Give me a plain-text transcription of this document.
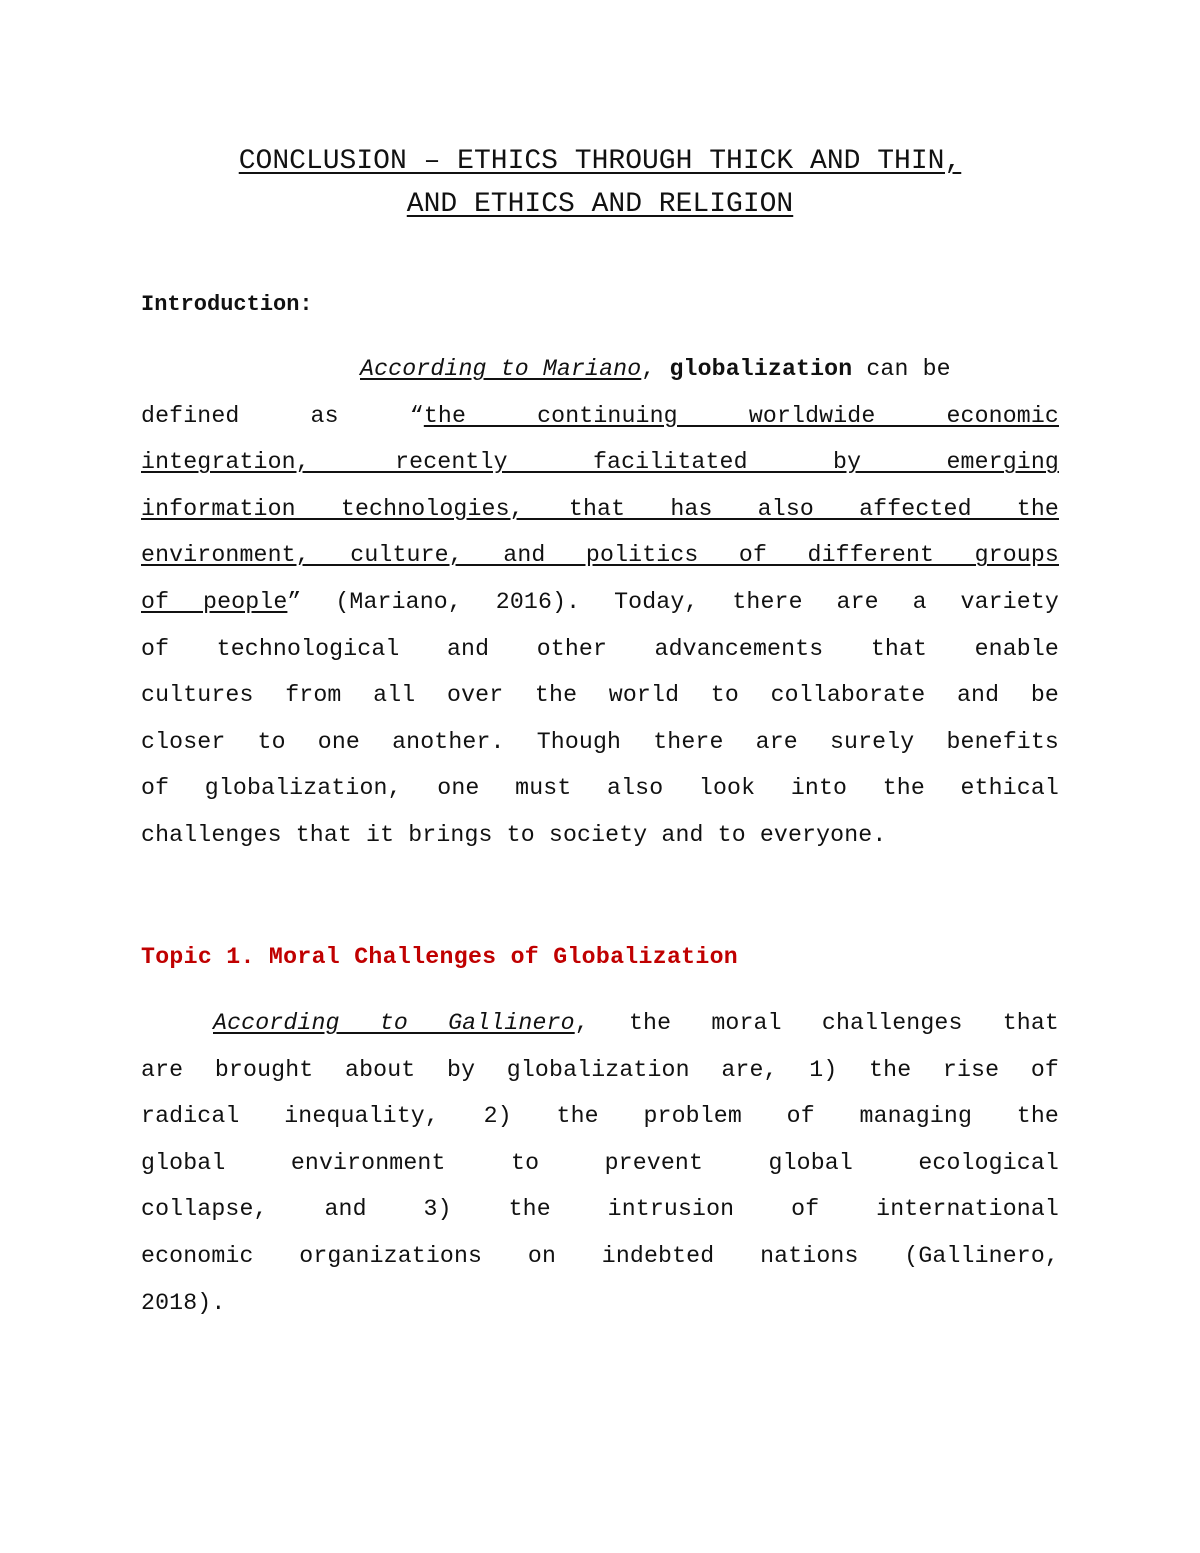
CONCLUSION – ETHICS THROUGH THICK AND THIN,
AND ETHICS AND RELIGION

Introduction:

According to Mariano, globalization can be
defined as “the continuing worldwide economic
integration, recently facilitated by emerging
information technologies, that has also affected the
environment, culture, and politics of different groups
of people” (Mariano, 2016). Today, there are a variety
of technological and other advancements that enable
cultures from all over the world to collaborate and be
closer to one another. Though there are surely benefits
of globalization, one must also look into the ethical
challenges that it brings to society and to everyone.

Topic 1. Moral Challenges of Globalization

According to Gallinero, the moral challenges that
are brought about by globalization are, 1) the rise of
radical inequality, 2) the problem of managing the
global environment to prevent global ecological
collapse, and 3) the intrusion of international
economic organizations on indebted nations (Gallinero,
2018).
